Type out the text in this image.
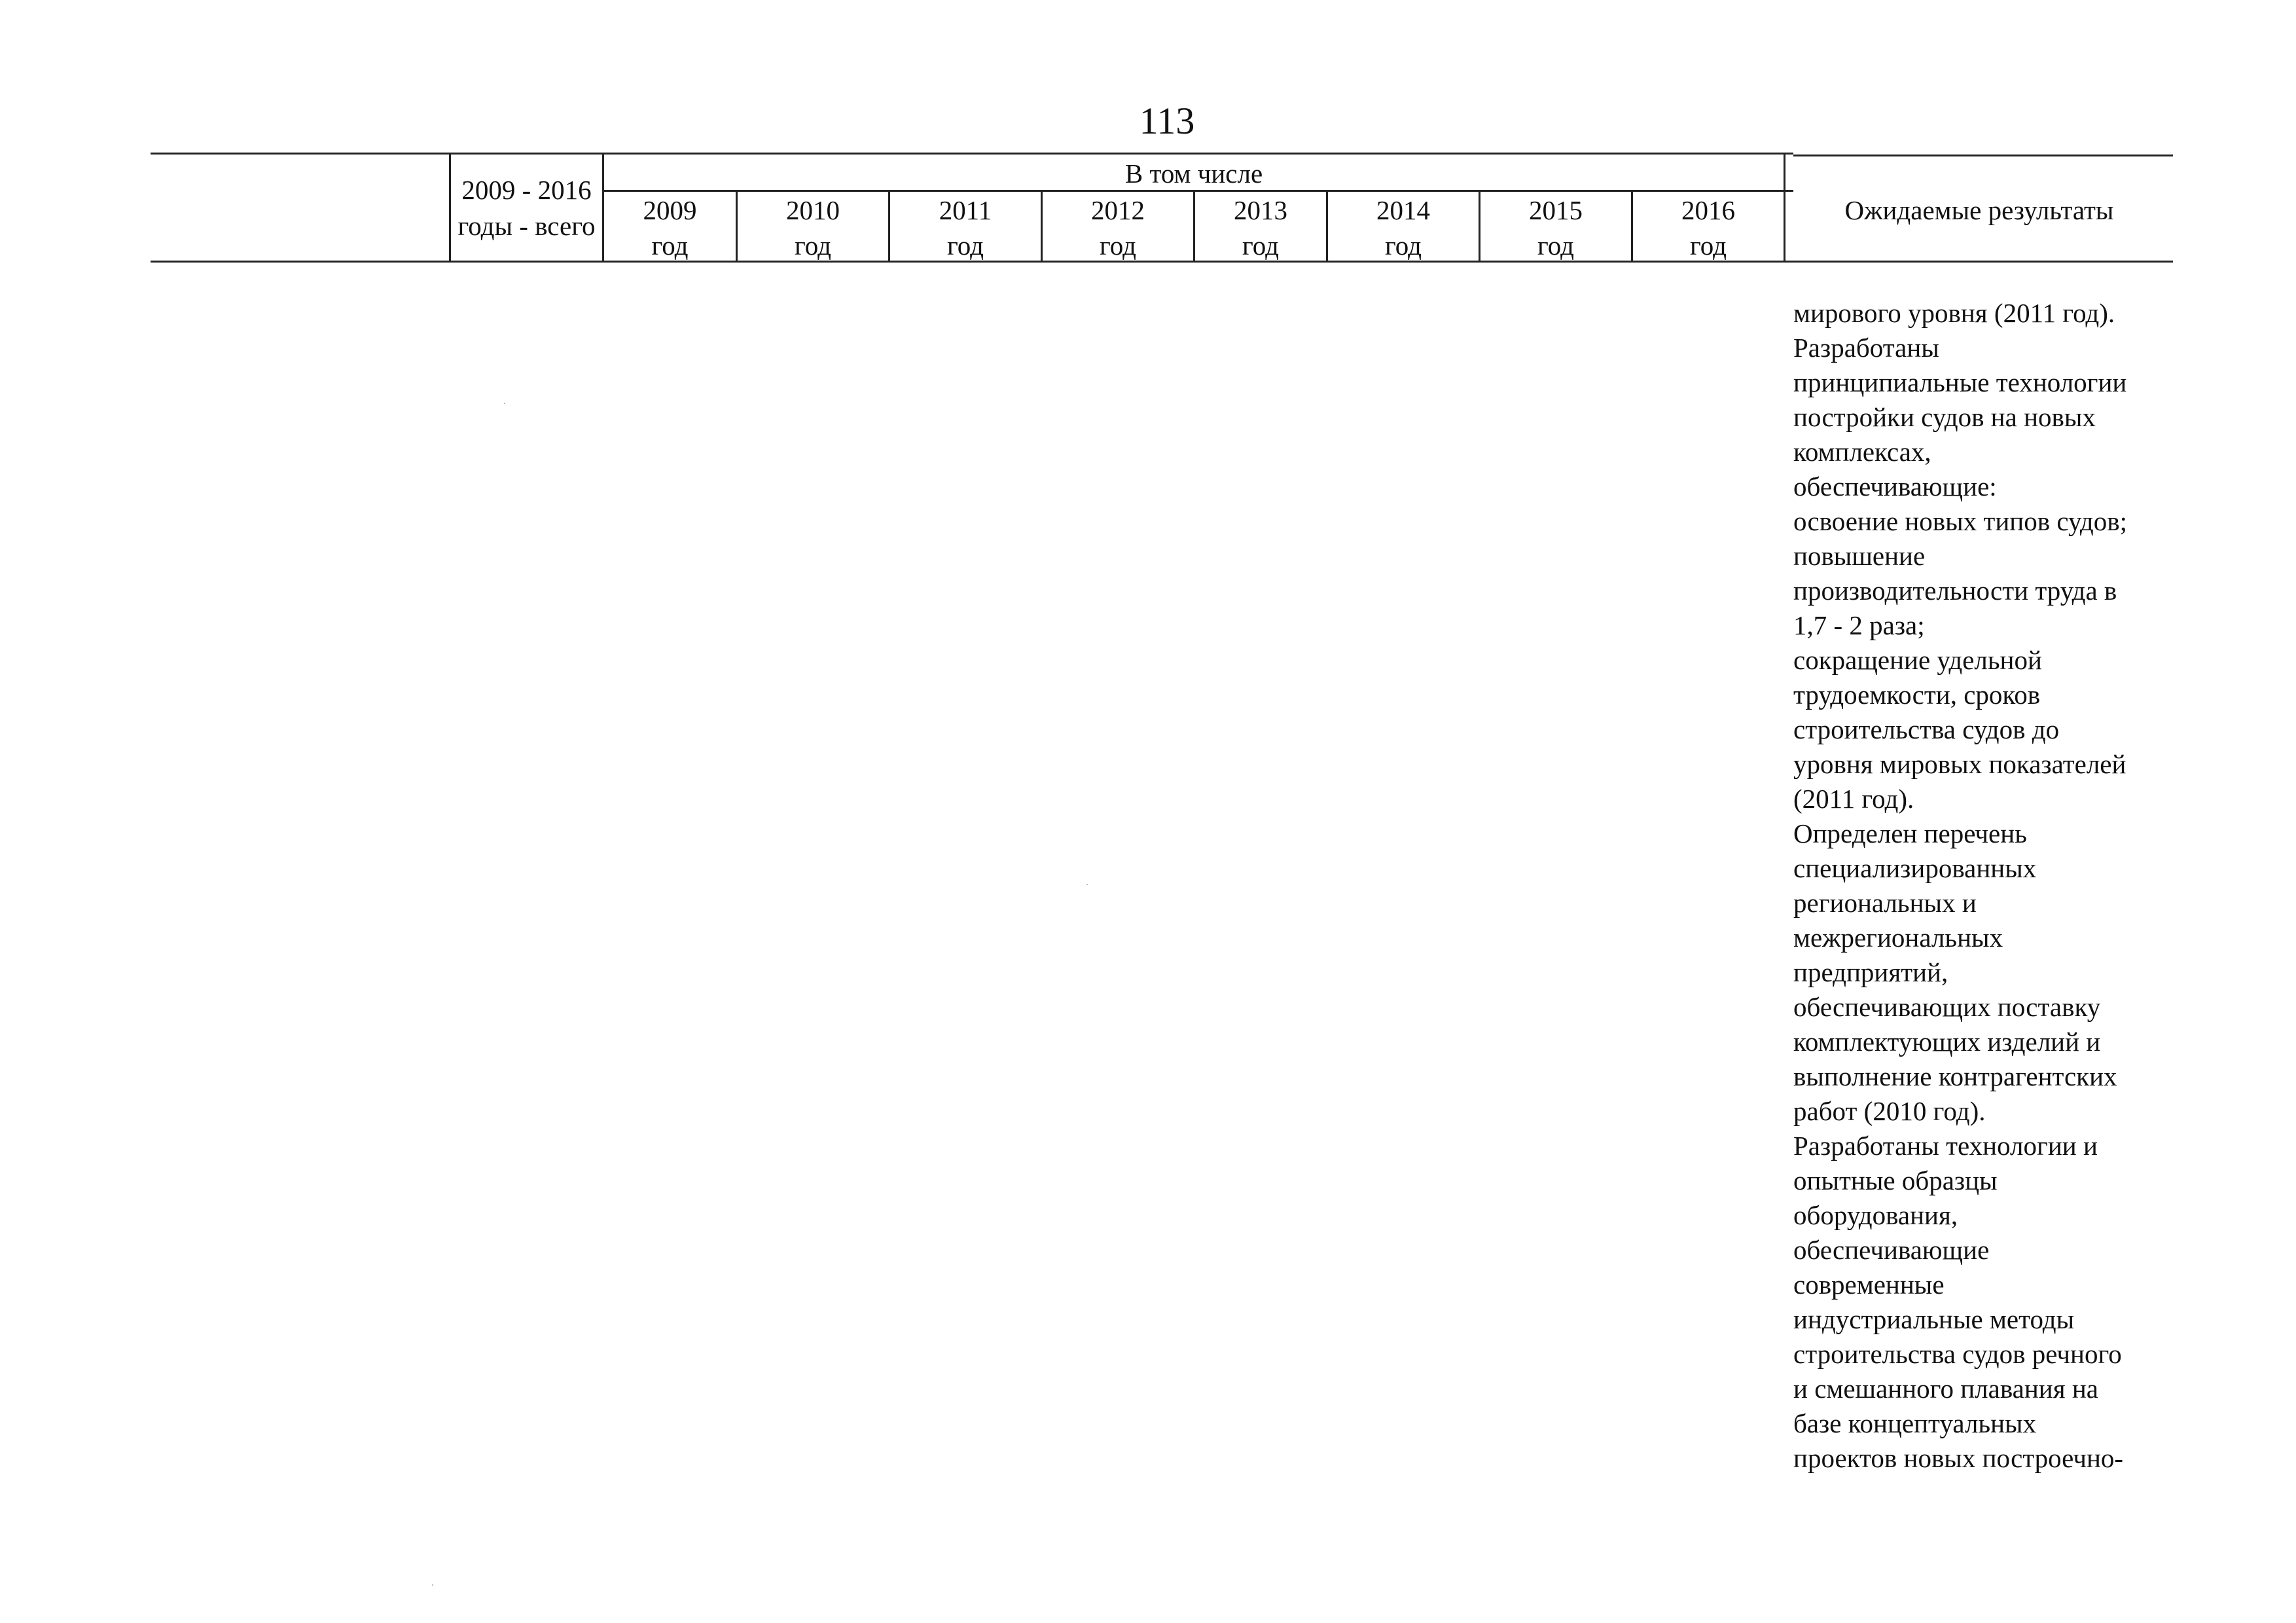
113
2009 - 2016
годы - всего
В том числе
2009
год
2010
год
2011
год
2012
год
2013
год
2014
год
2015
год
2016
год
Ожидаемые результаты
мирового уровня (2011 год).
Разработаны
принципиальные технологии
постройки судов на новых
комплексах,
обеспечивающие:
освоение новых типов судов;
повышение
производительности труда в
1,7 - 2 раза;
сокращение удельной
трудоемкости, сроков
строительства судов до
уровня мировых показателей
(2011 год).
Определен перечень
специализированных
региональных и
межрегиональных
предприятий,
обеспечивающих поставку
комплектующих изделий и
выполнение контрагентских
работ (2010 год).
Разработаны технологии и
опытные образцы
оборудования,
обеспечивающие
современные
индустриальные методы
строительства судов речного
и смешанного плавания на
базе концептуальных
проектов новых построечно-
